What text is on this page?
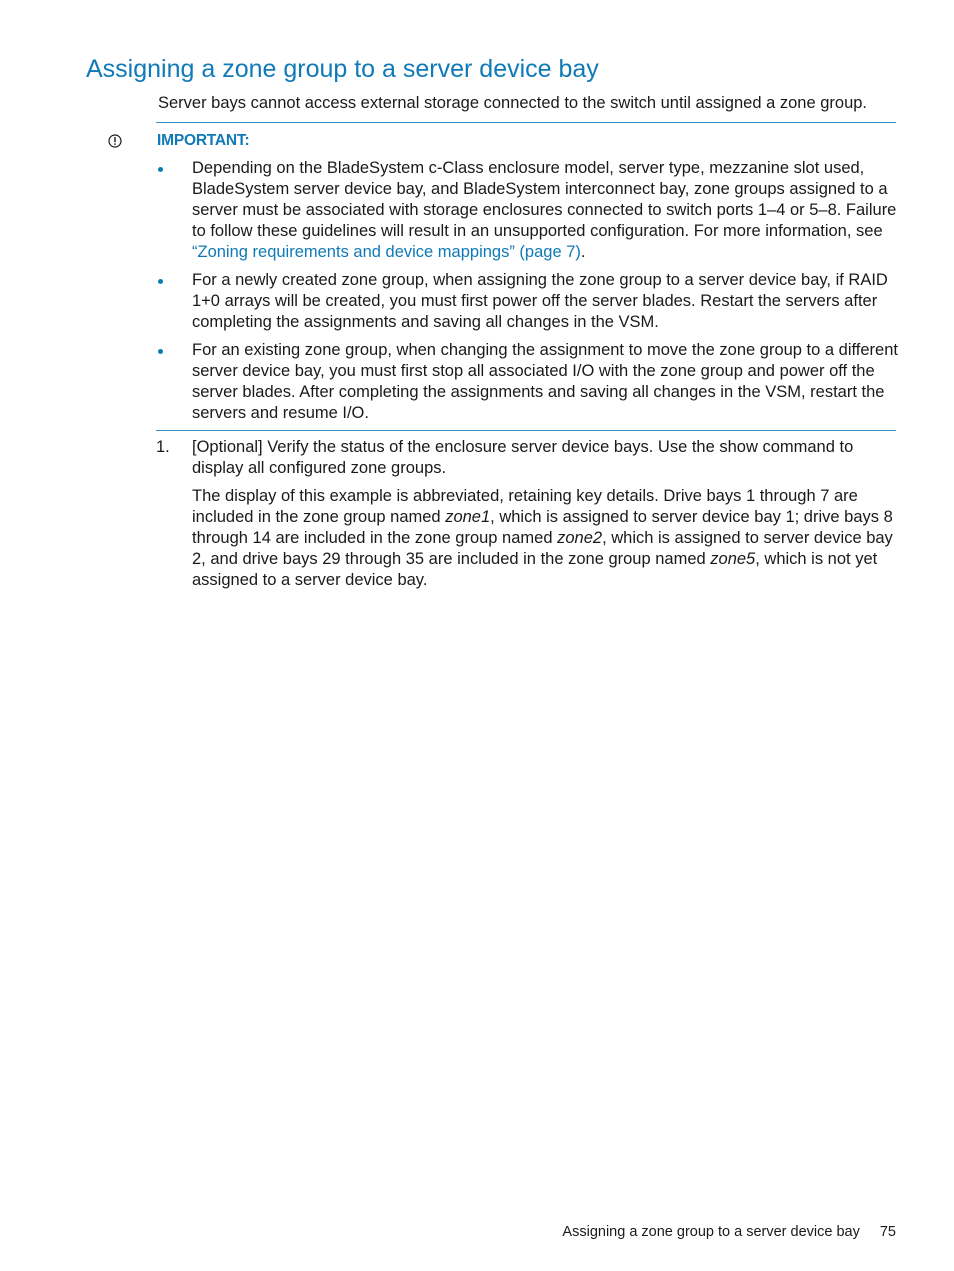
Assigning a zone group to a server device bay

Server bays cannot access external storage connected to the switch until assigned a zone group.

IMPORTANT:
Depending on the BladeSystem c-Class enclosure model, server type, mezzanine slot used, BladeSystem server device bay, and BladeSystem interconnect bay, zone groups assigned to a server must be associated with storage enclosures connected to switch ports 1–4 or 5–8. Failure to follow these guidelines will result in an unsupported configuration. For more information, see “Zoning requirements and device mappings” (page 7).
For a newly created zone group, when assigning the zone group to a server device bay, if RAID 1+0 arrays will be created, you must first power off the server blades. Restart the servers after completing the assignments and saving all changes in the VSM.
For an existing zone group, when changing the assignment to move the zone group to a different server device bay, you must first stop all associated I/O with the zone group and power off the server blades. After completing the assignments and saving all changes in the VSM, restart the servers and resume I/O.
1. [Optional] Verify the status of the enclosure server device bays. Use the show command to display all configured zone groups.
The display of this example is abbreviated, retaining key details. Drive bays 1 through 7 are included in the zone group named zone1, which is assigned to server device bay 1; drive bays 8 through 14 are included in the zone group named zone2, which is assigned to server device bay 2, and drive bays 29 through 35 are included in the zone group named zone5, which is not yet assigned to a server device bay.
Assigning a zone group to a server device bay 75
